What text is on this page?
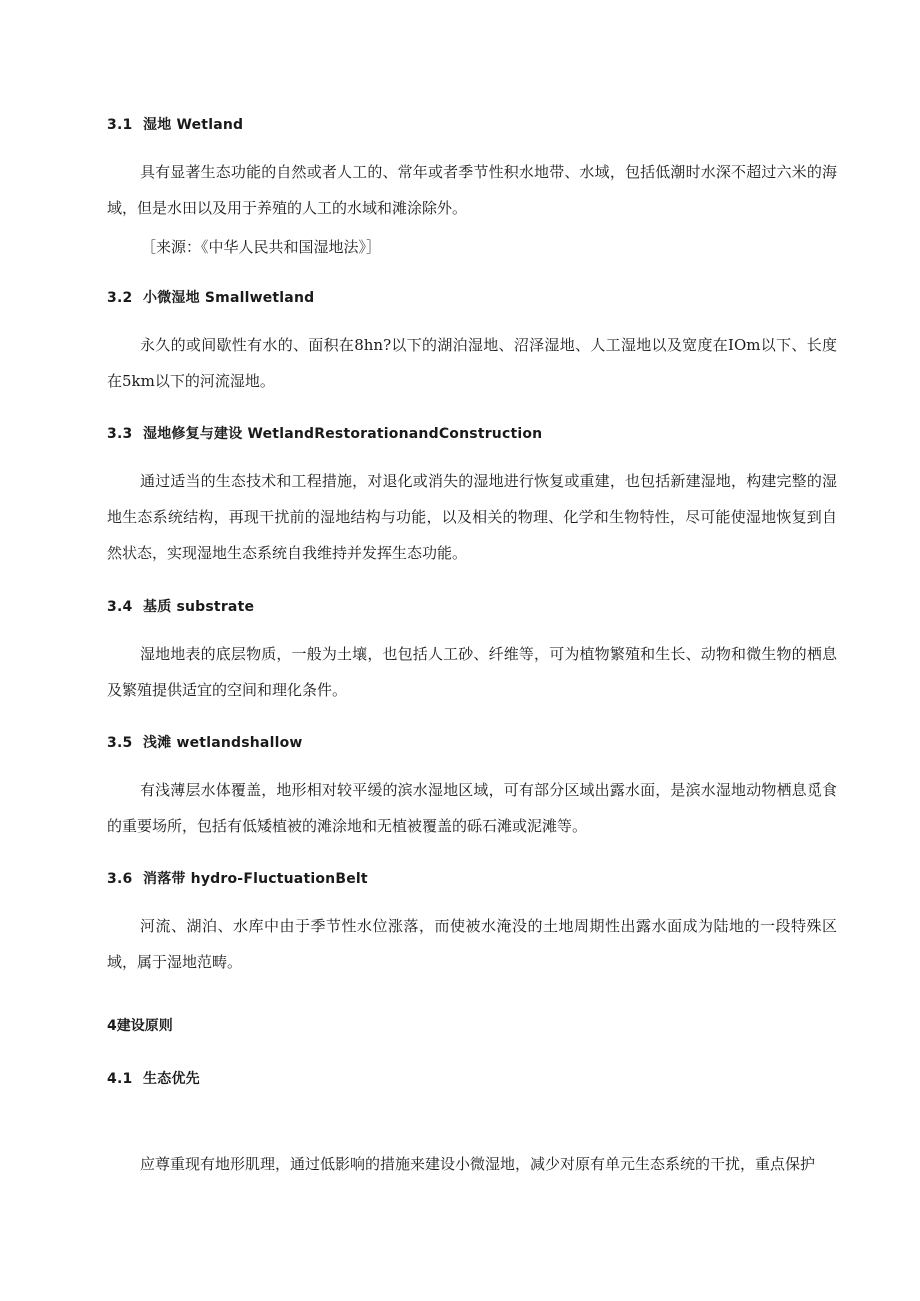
3.1 湿地 Wetland

具有显著生态功能的自然或者人工的、常年或者季节性积水地带、水域，包括低潮时水深不超过六米的海域，但是水田以及用于养殖的人工的水域和滩涂除外。

［来源：《中华人民共和国湿地法》］
3.2 小微湿地 Smallwetland

永久的或间歇性有水的、面积在8hn?以下的湖泊湿地、沼泽湿地、人工湿地以及宽度在IOm以下、长度在5km以下的河流湿地。

3.3 湿地修复与建设 WetlandRestorationandConstruction

通过适当的生态技术和工程措施，对退化或消失的湿地进行恢复或重建，也包括新建湿地，构建完整的湿地生态系统结构，再现干扰前的湿地结构与功能，以及相关的物理、化学和生物特性，尽可能使湿地恢复到自然状态，实现湿地生态系统自我维持并发挥生态功能。

3.4 基质 substrate

湿地地表的底层物质，一般为土壤，也包括人工砂、纤维等，可为植物繁殖和生长、动物和微生物的栖息及繁殖提供适宜的空间和理化条件。

3.5 浅滩 wetlandshallow

有浅薄层水体覆盖，地形相对较平缓的滨水湿地区域，可有部分区域出露水面，是滨水湿地动物栖息觅食的重要场所，包括有低矮植被的滩涂地和无植被覆盖的砾石滩或泥滩等。

3.6 消落带 hydro-FluctuationBelt

河流、湖泊、水库中由于季节性水位涨落，而使被水淹没的土地周期性出露水面成为陆地的一段特殊区域，属于湿地范畴。

4建设原则
4.1 生态优先

应尊重现有地形肌理，通过低影响的措施来建设小微湿地，减少对原有单元生态系统的干扰，重点保护
